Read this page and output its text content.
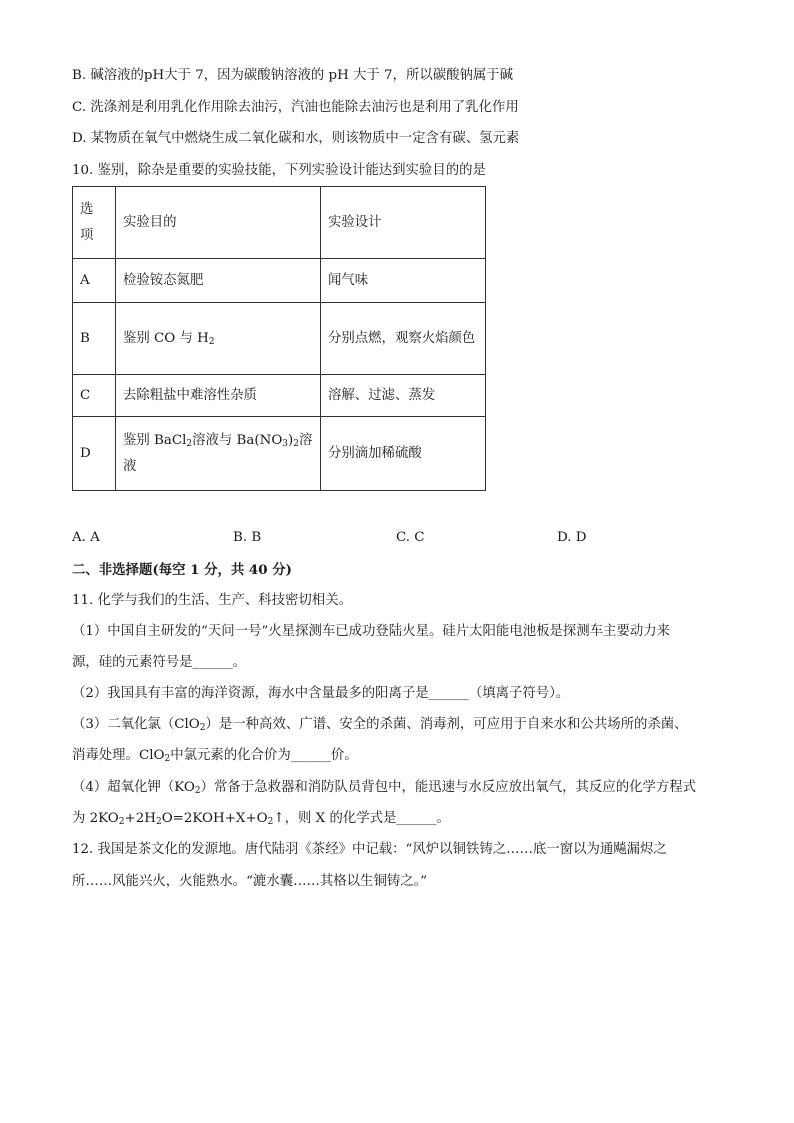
B. 碱溶液的pH大于 7，因为碳酸钠溶液的 pH 大于 7，所以碳酸钠属于碱
C. 洗涤剂是利用乳化作用除去油污，汽油也能除去油污也是利用了乳化作用
D. 某物质在氧气中燃烧生成二氧化碳和水，则该物质中一定含有碳、氢元素
10. 鉴别，除杂是重要的实验技能，下列实验设计能达到实验目的的是
选
项	实验目的	实验设计
A	检验铵态氮肥	闻气味
B	鉴别 CO 与 $H_2$	分别点燃，观察火焰颜色
C	去除粗盐中难溶性杂质	溶解、过滤、蒸发
D	鉴别 BaCl$_2$溶液与 $Ba(NO_3)_2$溶液	分别滴加稀硫酸
A. A	B. B	C. C	D. D
二、非选择题(每空 1 分，共 40 分)
11. 化学与我们的生活、生产、科技密切相关。
（1）中国自主研发的“天问一号”火星探测车已成功登陆火星。硅片太阳能电池板是探测车主要动力来
源，硅的元素符号是______。
（2）我国具有丰富的海洋资源，海水中含量最多的阳离子是______（填离子符号）。
（3）二氧化氯（ClO$_2$）是一种高效、广谱、安全的杀菌、消毒剂，可应用于自来水和公共场所的杀菌、
消毒处理。ClO$_2$中氯元素的化合价为______价。
（4）超氧化钾$(KO_2)$常备于急救器和消防队员背包中，能迅速与水反应放出氧气，其反应的化学方程式
为 $2KO_2+2H_2O=2KOH+X+O_2↑$，则 X 的化学式是______。
12. 我国是茶文化的发源地。唐代陆羽《茶经》中记载：“风炉以铜铁铸之……底一窗以为通飚漏烬之
所……风能兴火，火能熟水。“漉水囊……其格以生铜铸之。”
